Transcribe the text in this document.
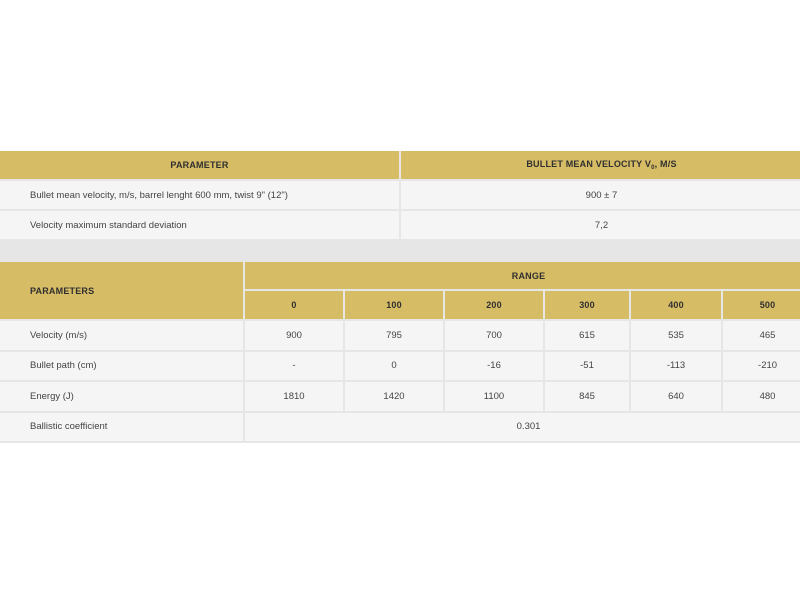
PARAMETER	BULLET MEAN VELOCITY $V_0$, M/S
Bullet mean velocity, m/s, barrel lenght 600 mm, twist 9" (12")	900 ± 7
Velocity maximum standard deviation	7,2
PARAMETERS	RANGE					
	0	100	200	300	400	500
Velocity (m/s)	900	795	700	615	535	465
Bullet path (cm)	-	0	-16	-51	-113	-210
Energy (J)	1810	1420	1100	845	640	480
Ballistic coefficient	0.301					
